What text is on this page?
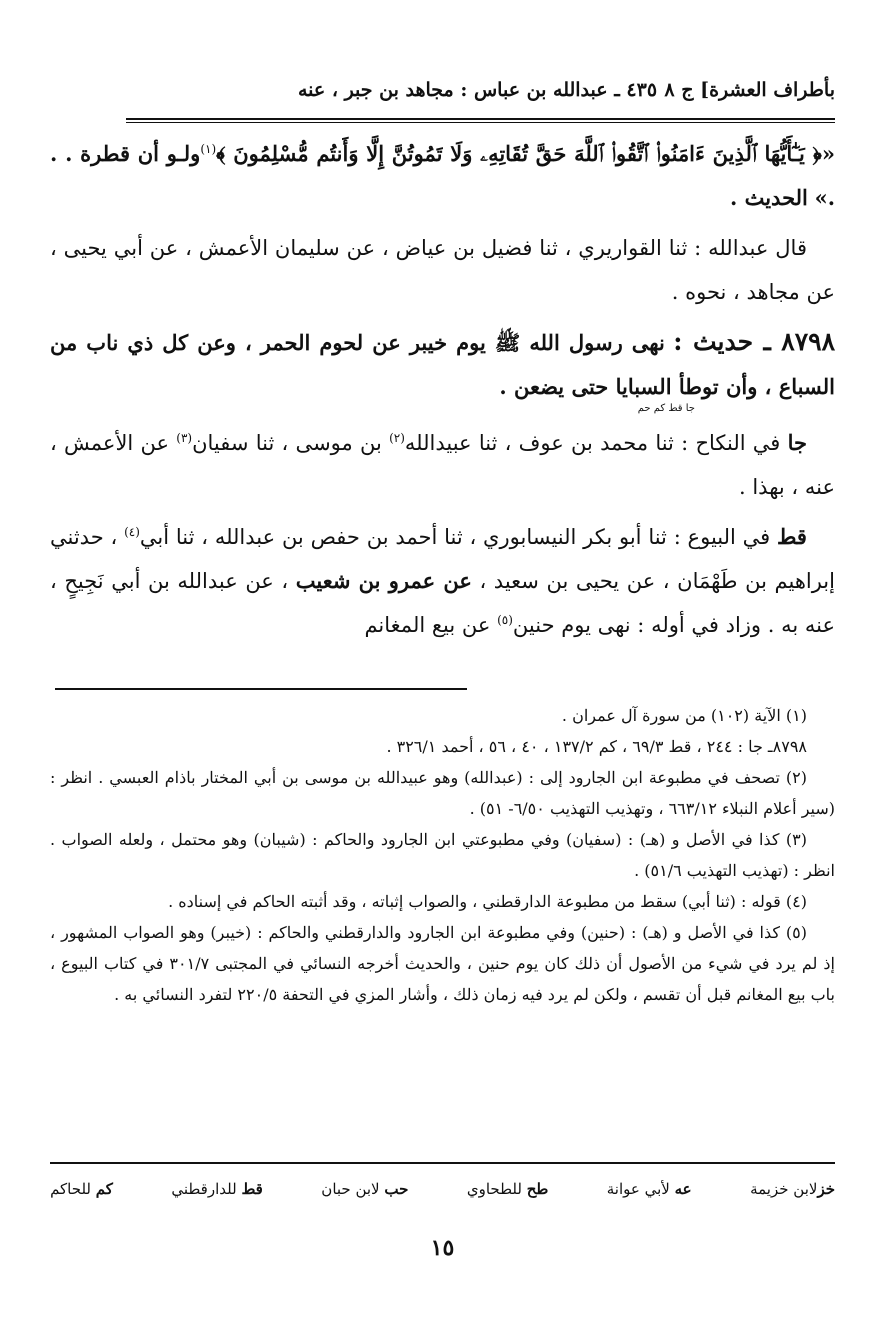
بأطراف العشرة] ج ٨
٤٣٥ ـ عبدالله بن عباس : مجاهد بن جبر ، عنه

«﴿ يَـٰٓأَيُّهَا ٱلَّذِينَ ءَامَنُوا۟ ٱتَّقُوا۟ ٱللَّهَ حَقَّ تُقَاتِهِۦ وَلَا تَمُوتُنَّ إِلَّا وَأَنتُم مُّسْلِمُونَ ﴾$^{(١)}$ولـو أن قطرة . . .» الحديث .

قال عبدالله : ثنا القواريري ، ثنا فضيل بن عياض ، عن سليمان الأعمش ، عن أبي يحيى ، عن مجاهد ، نحوه .

٨٧٩٨ ـ حديث : نهى رسول الله ﷺ يوم خيبر عن لحوم الحمر ، وعن كل ذي ناب من السباع ، وأن توطأ السبايا حتى يضعن .
جا قط كم حم

جا في النكاح : ثنا محمد بن عوف ، ثنا عبيدالله$^{(٢)}$ بن موسى ، ثنا سفيان$^{(٣)}$ عن الأعمش ، عنه ، بهذا .

قط في البيوع : ثنا أبو بكر النيسابوري ، ثنا أحمد بن حفص بن عبدالله ، ثنا أبي$^{(٤)}$ ، حدثني إبراهيم بن طَهْمَان ، عن يحيى بن سعيد ، عن عمرو بن شعيب ، عن عبدالله بن أبي نَجِيحٍ ، عنه به . وزاد في أوله : نهى يوم حنين$^{(٥)}$ عن بيع المغانم

(١) الآية (١٠٢) من سورة آل عمران .

٨٧٩٨ـ جا : ٢٤٤ ، قط ٦٩/٣ ، كم ١٣٧/٢ ، ٤٠ ، ٥٦ ، أحمد ٣٢٦/١ .

(٢) تصحف في مطبوعة ابن الجارود إلى : (عبدالله) وهو عبيدالله بن موسى بن أبي المختار باذام العبسي . انظر : (سير أعلام النبلاء ٦٦٣/١٢ ، وتهذيب التهذيب ٦/٥٠- ٥١) .

(٣) كذا في الأصل و (هـ) : (سفيان) وفي مطبوعتي ابن الجارود والحاكم : (شيبان) وهو محتمل ، ولعله الصواب . انظر : (تهذيب التهذيب ٥١/٦) .

(٤) قوله : (ثنا أبي) سقط من مطبوعة الدارقطني ، والصواب إثباته ، وقد أثبته الحاكم في إسناده .

(٥) كذا في الأصل و (هـ) : (حنين) وفي مطبوعة ابن الجارود والدارقطني والحاكم : (خيبر) وهو الصواب المشهور ، إذ لم يرد في شيء من الأصول أن ذلك كان يوم حنين ، والحديث أخرجه النسائي في المجتبى ٣٠١/٧ في كتاب البيوع ، باب بيع المغانم قبل أن تقسم ، ولكن لم يرد فيه زمان ذلك ، وأشار المزي في التحفة ٢٢٠/٥ لتفرد النسائي به .

خزلابن خزيمة
عه لأبي عوانة
طح للطحاوي
حب لابن حبان
قط للدارقطني
كم للحاكم
١٥
